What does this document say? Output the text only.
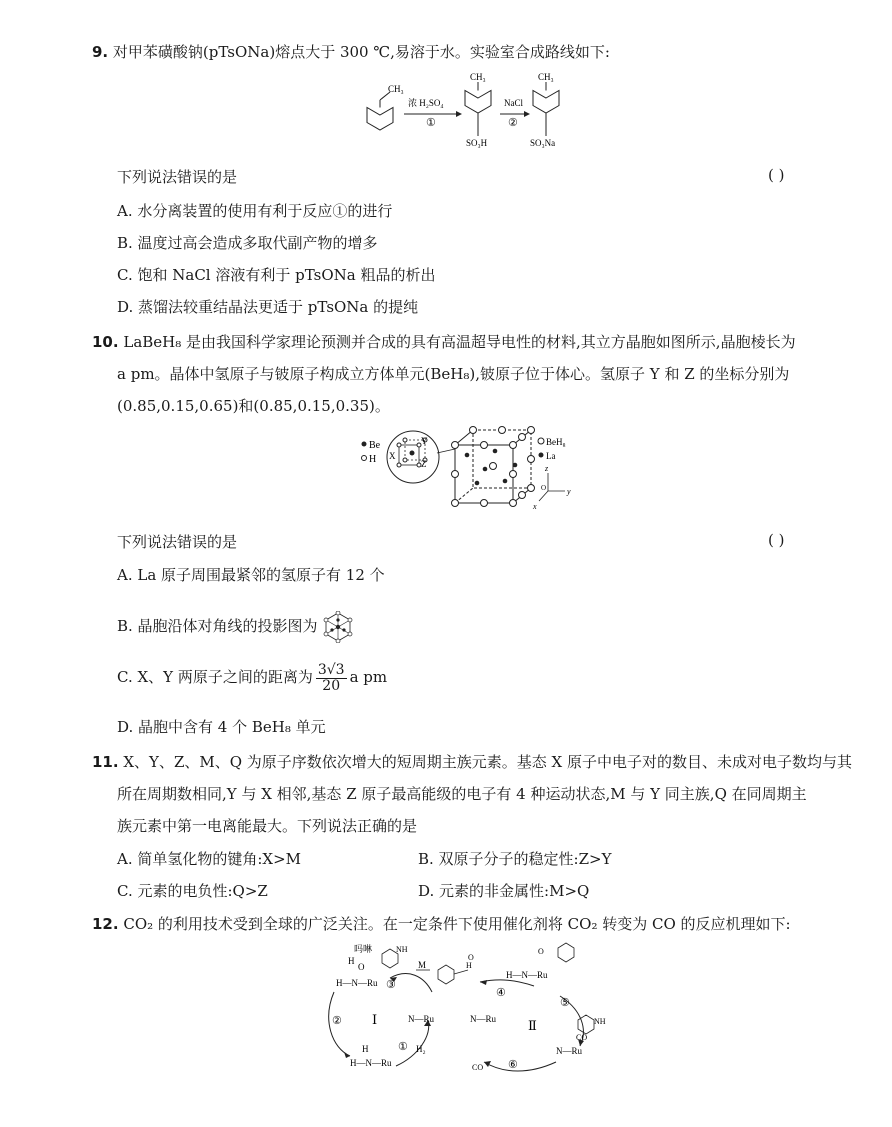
9. 对甲苯磺酸钠(pTsONa)熔点大于 300 ℃,易溶于水。实验室合成路线如下:
CH₃
浓 H₂SO₄
①
CH₃
SO₃H
NaCl
②
CH₃
SO₃Na
下列说法错误的是	( )
A. 水分离装置的使用有利于反应①的进行
B. 温度过高会造成多取代副产物的增多
C. 饱和 NaCl 溶液有利于 pTsONa 粗品的析出
D. 蒸馏法较重结晶法更适于 pTsONa 的提纯
10. LaBeH₈ 是由我国科学家理论预测并合成的具有高温超导电性的材料,其立方晶胞如图所示,晶胞棱长为
a pm。晶体中氢原子与铍原子构成立方体单元(BeH₈),铍原子位于体心。氢原子 Y 和 Z 的坐标分别为
(0.85,0.15,0.65)和(0.85,0.15,0.35)。
Be
H X
Y
Z
BeH₈
La
z
y
x
O
下列说法错误的是	( )
A. La 原子周围最紧邻的氢原子有 12 个
B. 晶胞沿体对角线的投影图为
C. X、Y 两原子之间的距离为 $\frac{3√3}{20}$ a pm
D. 晶胞中含有 4 个 BeH₈ 单元
11. X、Y、Z、M、Q 为原子序数依次增大的短周期主族元素。基态 X 原子中电子对的数目、未成对电子数均与其
所在周期数相同,Y 与 X 相邻,基态 Z 原子最高能级的电子有 4 种运动状态,M 与 Y 同主族,Q 在同周期主
族元素中第一电离能最大。下列说法正确的是
A. 简单氢化物的键角:X>M	B. 双原子分子的稳定性:Z>Y
C. 元素的电负性:Q>Z	D. 元素的非金属性:M>Q
12. CO₂ 的利用技术受到全球的广泛关注。在一定条件下使用催化剂将 CO₂ 转变为 CO 的反应机理如下:
Ⅰ
H—N—Ru
H
O
N—Ru
H—N—Ru
H
②
① H₂
③
吗啉	NH
M	H
O
Ⅱ
H—N—Ru
④
⑤
⑥
N—Ru
N—Ru
CO
CO
NH
O
